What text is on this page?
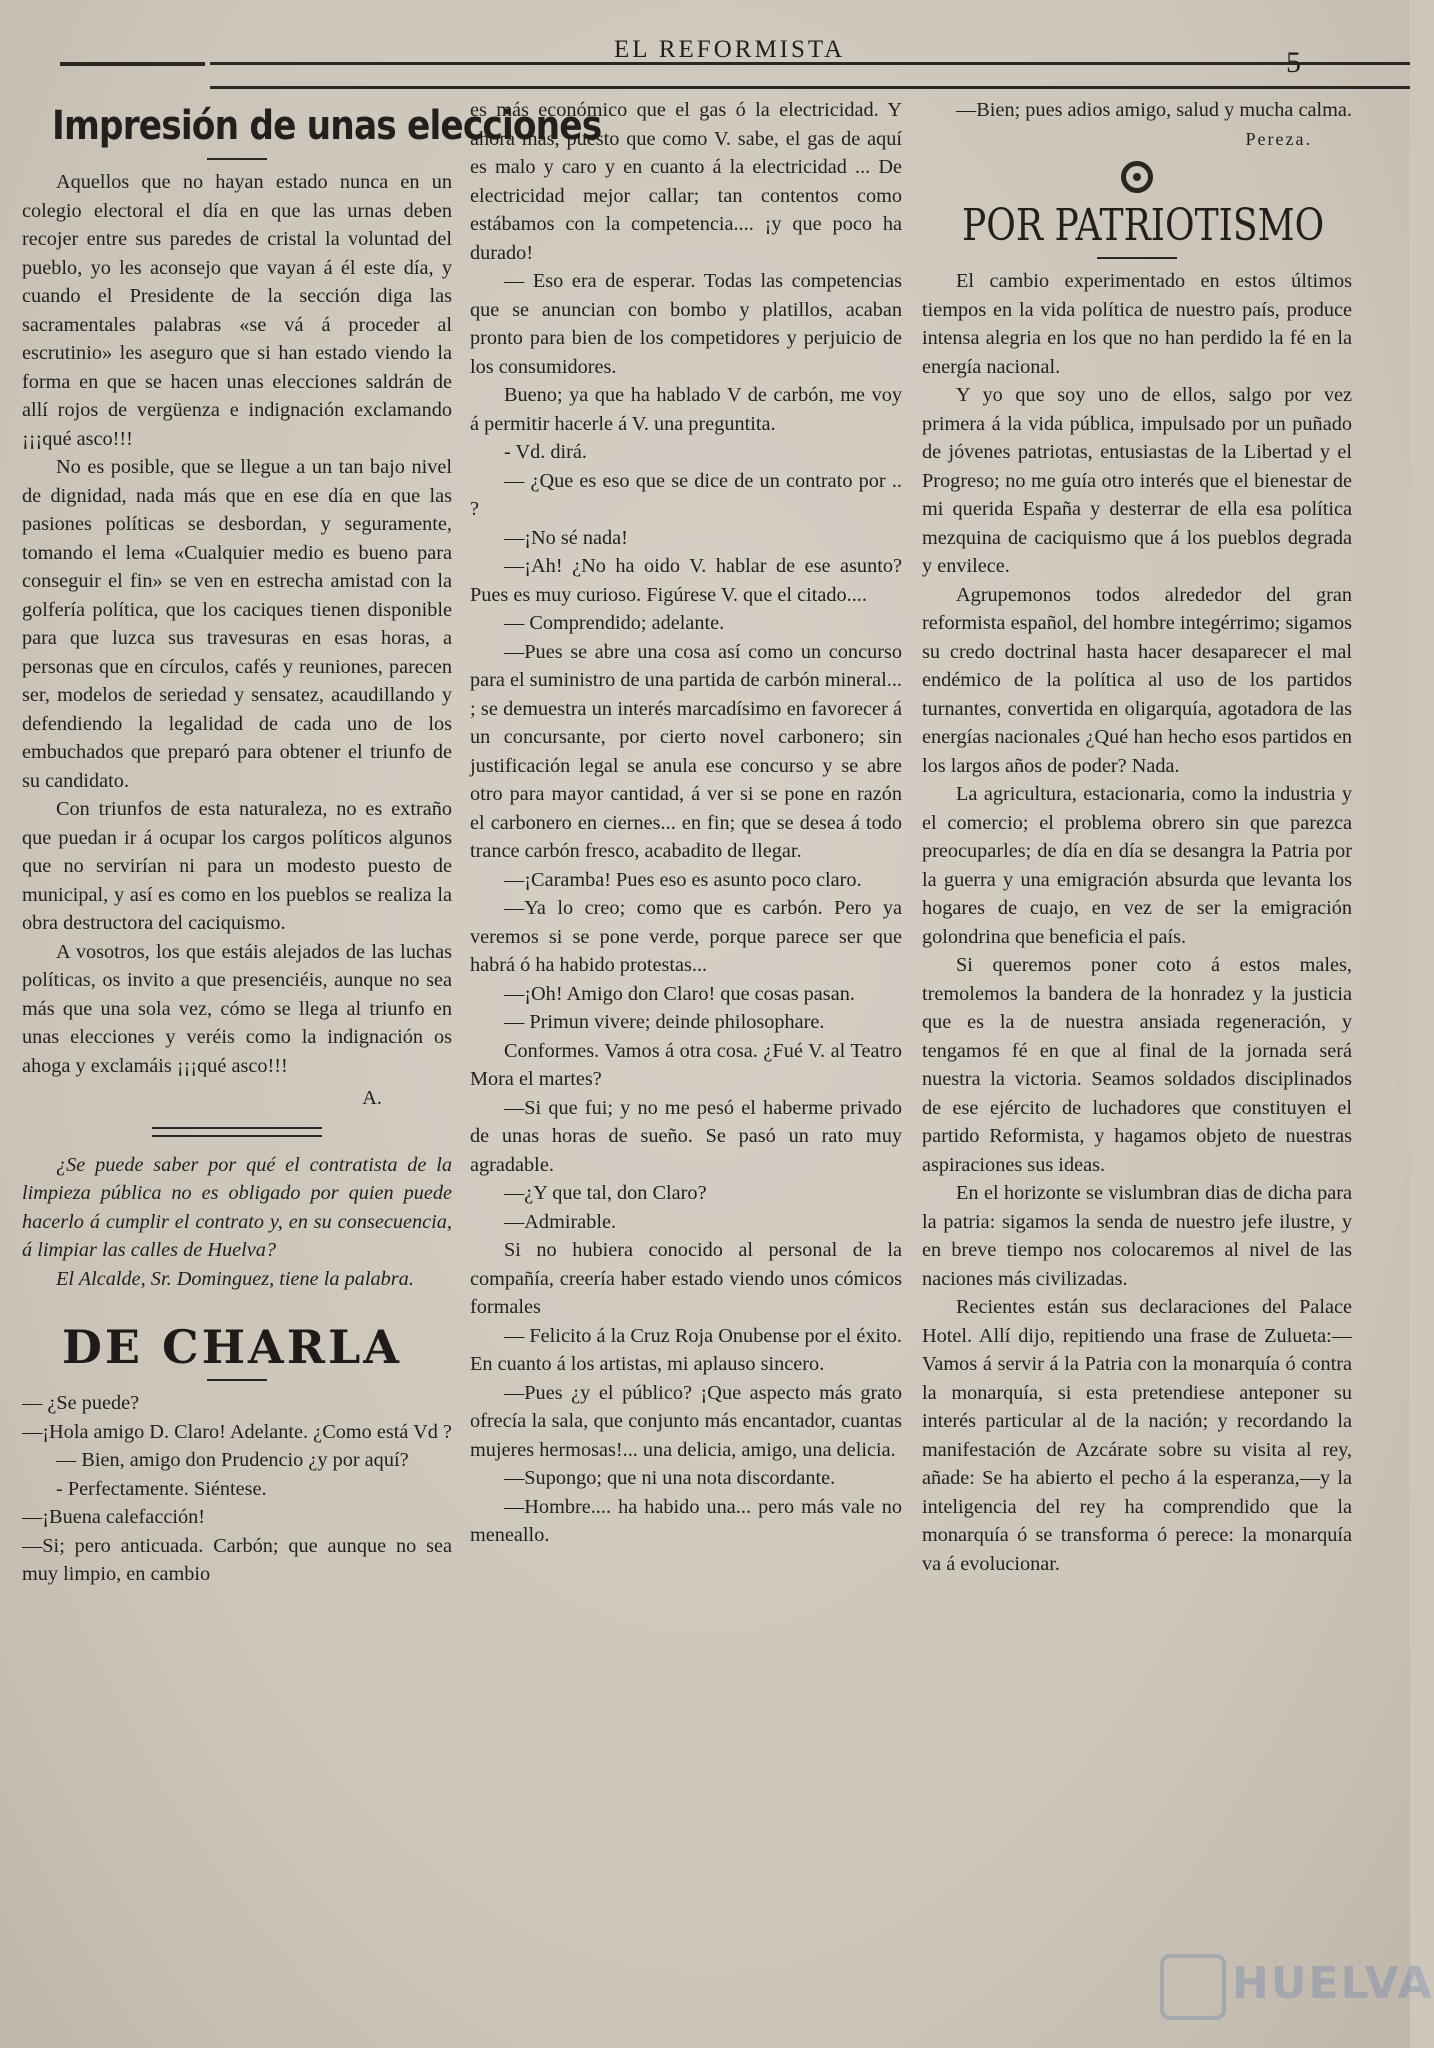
EL REFORMISTA	5
Impresión de unas elecciones

Aquellos que no hayan estado nunca en un colegio electoral el día en que las urnas deben recojer entre sus paredes de cristal la voluntad del pueblo, yo les aconsejo que vayan á él este día, y cuando el Presidente de la sección diga las sacramentales palabras «se vá á proceder al escrutinio» les aseguro que si han estado viendo la forma en que se hacen unas elecciones saldrán de allí rojos de vergüenza e indignación exclamando ¡¡¡qué asco!!!

No es posible, que se llegue a un tan bajo nivel de dignidad, nada más que en ese día en que las pasiones políticas se desbordan, y seguramente, tomando el lema «Cualquier medio es bueno para conseguir el fin» se ven en estrecha amistad con la golfería política, que los caciques tienen disponible para que luzca sus travesuras en esas horas, a personas que en círculos, cafés y reuniones, parecen ser, modelos de seriedad y sensatez, acaudillando y defendiendo la legalidad de cada uno de los embuchados que preparó para obtener el triunfo de su candidato.

Con triunfos de esta naturaleza, no es extraño que puedan ir á ocupar los cargos políticos algunos que no servirían ni para un modesto puesto de municipal, y así es como en los pueblos se realiza la obra destructora del caciquismo.

A vosotros, los que estáis alejados de las luchas políticas, os invito a que presenciéis, aunque no sea más que una sola vez, cómo se llega al triunfo en unas elecciones y veréis como la indignación os ahoga y exclamáis ¡¡¡qué asco!!!

A.

¿Se puede saber por qué el contratista de la limpieza pública no es obligado por quien puede hacerlo á cumplir el contrato y, en su consecuencia, á limpiar las calles de Huelva?

El Alcalde, Sr. Dominguez, tiene la palabra.

DE CHARLA

— ¿Se puede?

—¡Hola amigo D. Claro! Adelante. ¿Como está Vd ?

— Bien, amigo don Prudencio ¿y por aquí?

- Perfectamente. Siéntese.

—¡Buena calefacción!

—Si; pero anticuada. Carbón; que aunque no sea muy limpio, en cambio

es más económico que el gas ó la electricidad. Y ahora más, puesto que como V. sabe, el gas de aquí es malo y caro y en cuanto á la electricidad ... De electricidad mejor callar; tan contentos como estábamos con la competencia.... ¡y que poco ha durado!

— Eso era de esperar. Todas las competencias que se anuncian con bombo y platillos, acaban pronto para bien de los competidores y perjuicio de los consumidores.

Bueno; ya que ha hablado V de carbón, me voy á permitir hacerle á V. una preguntita.

- Vd. dirá.

— ¿Que es eso que se dice de un contrato por .. ?

—¡No sé nada!

—¡Ah! ¿No ha oido V. hablar de ese asunto? Pues es muy curioso. Figúrese V. que el citado....

— Comprendido; adelante.

—Pues se abre una cosa así como un concurso para el suministro de una partida de carbón mineral... ; se demuestra un interés marcadísimo en favorecer á un concursante, por cierto novel carbonero; sin justificación legal se anula ese concurso y se abre otro para mayor cantidad, á ver si se pone en razón el carbonero en ciernes... en fin; que se desea á todo trance carbón fresco, acabadito de llegar.

—¡Caramba! Pues eso es asunto poco claro.

—Ya lo creo; como que es carbón. Pero ya veremos si se pone verde, porque parece ser que habrá ó ha habido protestas...

—¡Oh! Amigo don Claro! que cosas pasan.

— Primun vivere; deinde philosophare.

Conformes. Vamos á otra cosa. ¿Fué V. al Teatro Mora el martes?

—Si que fui; y no me pesó el haberme privado de unas horas de sueño. Se pasó un rato muy agradable.

—¿Y que tal, don Claro?

—Admirable.

Si no hubiera conocido al personal de la compañía, creería haber estado viendo unos cómicos formales

— Felicito á la Cruz Roja Onubense por el éxito. En cuanto á los artistas, mi aplauso sincero.

—Pues ¿y el público? ¡Que aspecto más grato ofrecía la sala, que conjunto más encantador, cuantas mujeres hermosas!... una delicia, amigo, una delicia.

—Supongo; que ni una nota discordante.

—Hombre.... ha habido una... pero más vale no meneallo.

—Bien; pues adios amigo, salud y mucha calma.

Pereza.
POR PATRIOTISMO

El cambio experimentado en estos últimos tiempos en la vida política de nuestro país, produce intensa alegria en los que no han perdido la fé en la energía nacional.

Y yo que soy uno de ellos, salgo por vez primera á la vida pública, impulsado por un puñado de jóvenes patriotas, entusiastas de la Libertad y el Progreso; no me guía otro interés que el bienestar de mi querida España y desterrar de ella esa política mezquina de caciquismo que á los pueblos degrada y envilece.

Agrupemonos todos alrededor del gran reformista español, del hombre integérrimo; sigamos su credo doctrinal hasta hacer desaparecer el mal endémico de la política al uso de los partidos turnantes, convertida en oligarquía, agotadora de las energías nacionales ¿Qué han hecho esos partidos en los largos años de poder? Nada.

La agricultura, estacionaria, como la industria y el comercio; el problema obrero sin que parezca preocuparles; de día en día se desangra la Patria por la guerra y una emigración absurda que levanta los hogares de cuajo, en vez de ser la emigración golondrina que beneficia el país.

Si queremos poner coto á estos males, tremolemos la bandera de la honradez y la justicia que es la de nuestra ansiada regeneración, y tengamos fé en que al final de la jornada será nuestra la victoria. Seamos soldados disciplinados de ese ejército de luchadores que constituyen el partido Reformista, y hagamos objeto de nuestras aspiraciones sus ideas.

En el horizonte se vislumbran dias de dicha para la patria: sigamos la senda de nuestro jefe ilustre, y en breve tiempo nos colocaremos al nivel de las naciones más civilizadas.

Recientes están sus declaraciones del Palace Hotel. Allí dijo, repitiendo una frase de Zulueta:—Vamos á servir á la Patria con la monarquía ó contra la monarquía, si esta pretendiese anteponer su interés particular al de la nación; y recordando la manifestación de Azcárate sobre su visita al rey, añade: Se ha abierto el pecho á la esperanza,—y la inteligencia del rey ha comprendido que la monarquía ó se transforma ó perece: la monarquía va á evolucionar.

HUELVA
